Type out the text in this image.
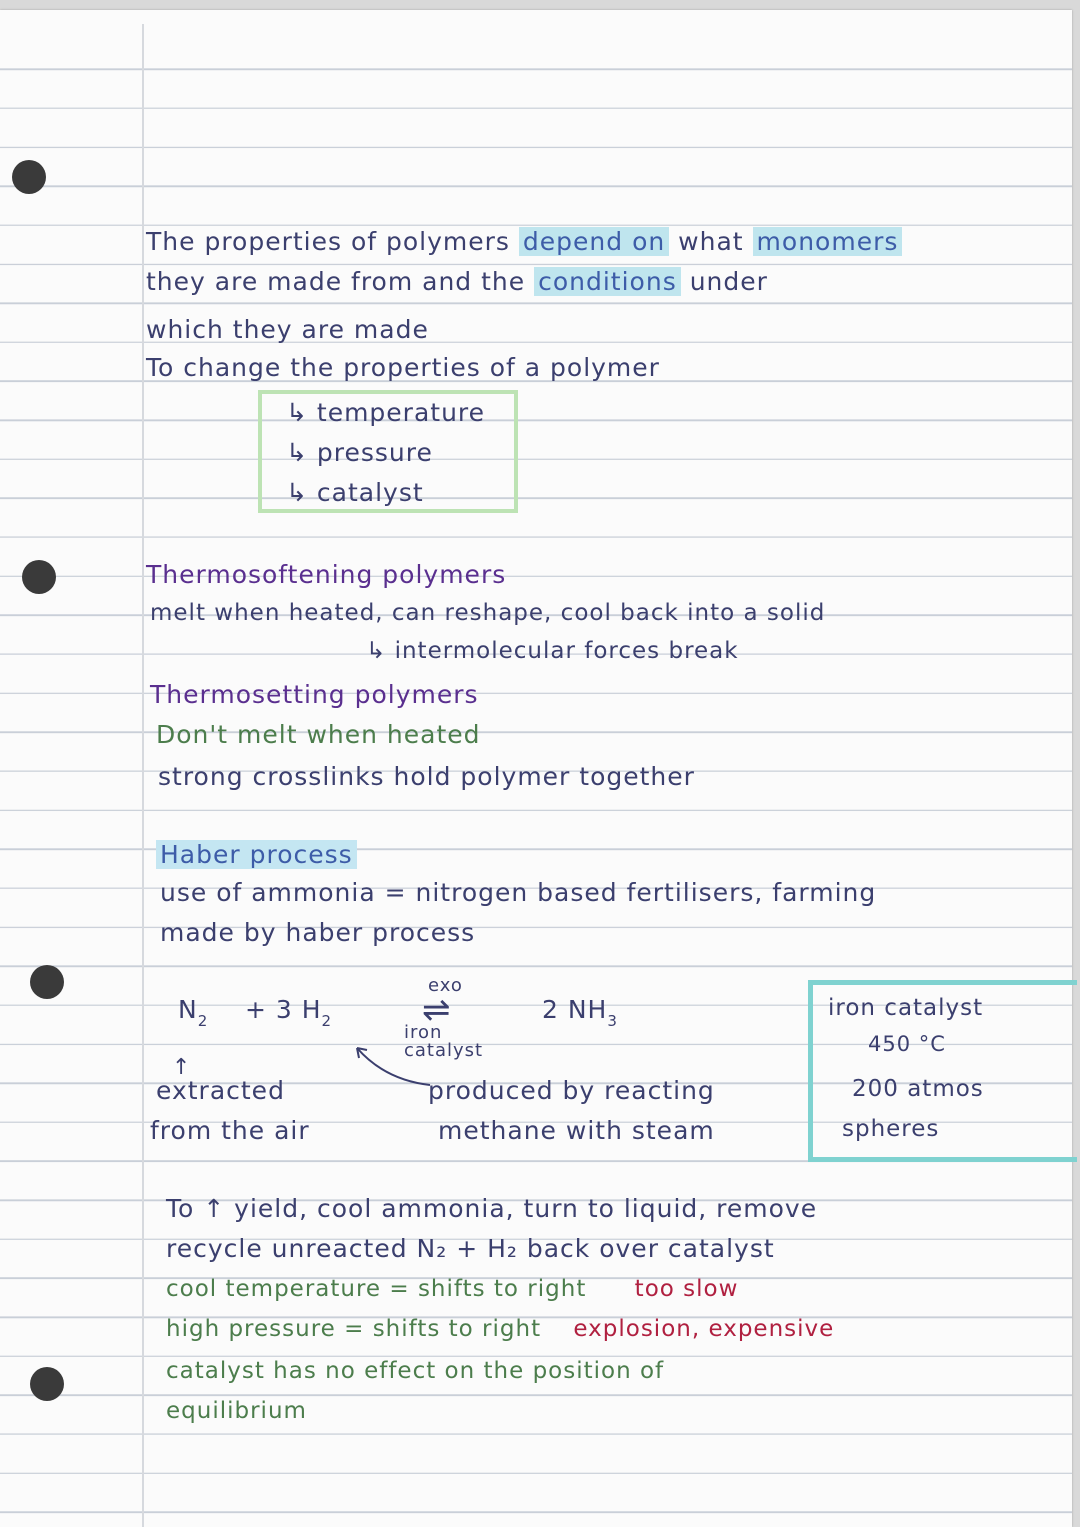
The properties of polymers depend on what monomers
they are made from and the conditions under
which they are made
To change the properties of a polymer
↳ temperature
↳ pressure
↳ catalyst
Thermosoftening polymers
melt when heated, can reshape, cool back into a solid
↳ intermolecular forces break
Thermosetting polymers
Don't melt when heated
strong crosslinks hold polymer together
Haber process
use of ammonia = nitrogen based fertilisers, farming
made by haber process
$N_2 + 3$ $H_2$
exo
⇌
iron
catalyst
2 $NH_3$
↑
extracted
from the air
produced by reacting
methane with steam
iron catalyst
450 °C
200 atmos
spheres
To ↑ yield, cool ammonia, turn to liquid, remove
recycle unreacted N₂ + H₂ back over catalyst
cool temperature = shifts to right too slow
high pressure = shifts to right explosion, expensive
catalyst has no effect on the position of
equilibrium
